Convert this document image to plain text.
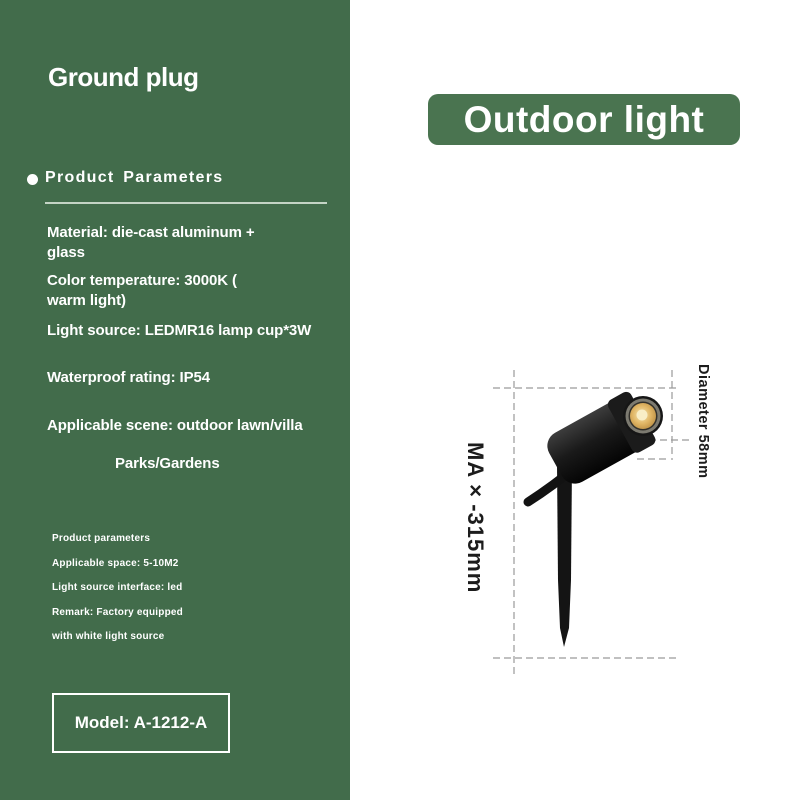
Ground plug
Product Parameters
Material: die-cast aluminum +
glass
Color temperature: 3000K (
warm light)
Light source: LEDMR16 lamp cup*3W
Waterproof rating: IP54
Applicable scene: outdoor lawn/villa
Parks/Gardens
Product parameters
Applicable space: 5-10M2
Light source interface: led
Remark: Factory equipped
with white light source
Model: A-1212-A
Outdoor light
MA×-315mm
Diameter 58mm
